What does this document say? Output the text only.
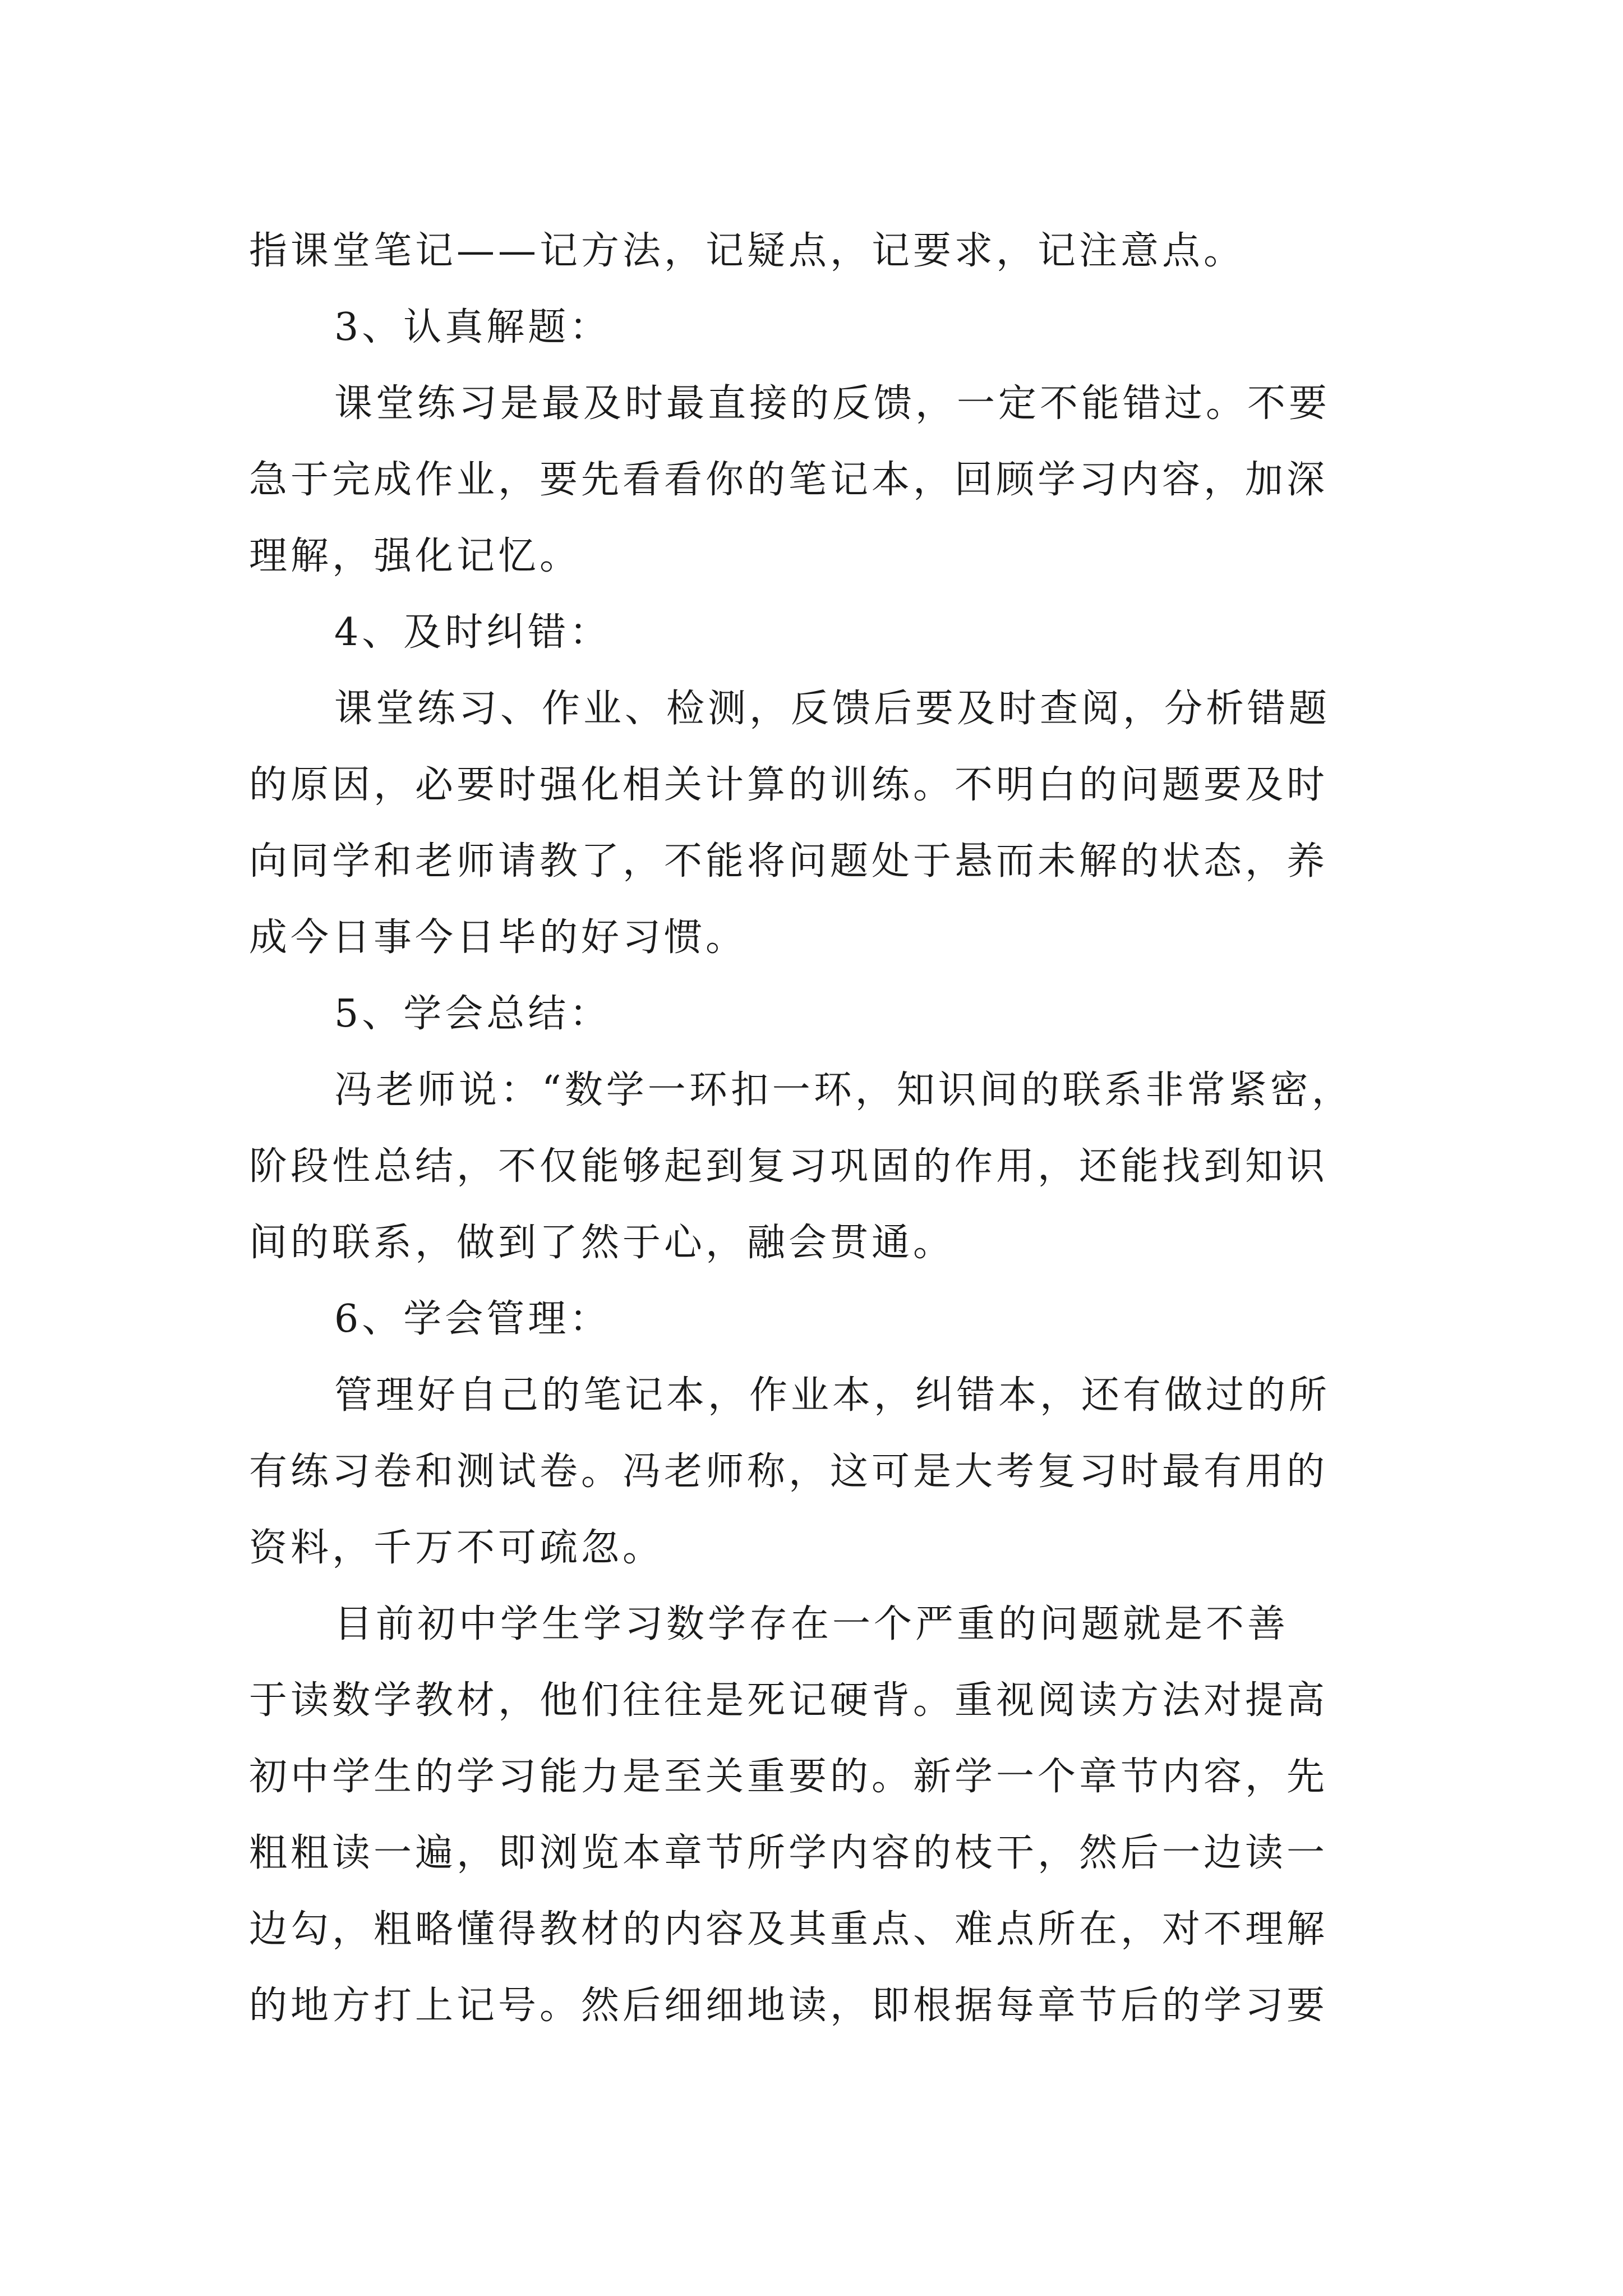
指课堂笔记——记方法，记疑点，记要求，记注意点。
3、认真解题：
课堂练习是最及时最直接的反馈，一定不能错过。不要
急于完成作业，要先看看你的笔记本，回顾学习内容，加深
理解，强化记忆。
4、及时纠错：
课堂练习、作业、检测，反馈后要及时查阅，分析错题
的原因，必要时强化相关计算的训练。不明白的问题要及时
向同学和老师请教了，不能将问题处于悬而未解的状态，养
成今日事今日毕的好习惯。
5、学会总结：
冯老师说：“数学一环扣一环，知识间的联系非常紧密，
阶段性总结，不仅能够起到复习巩固的作用，还能找到知识
间的联系，做到了然于心，融会贯通。
6、学会管理：
管理好自己的笔记本，作业本，纠错本，还有做过的所
有练习卷和测试卷。冯老师称，这可是大考复习时最有用的
资料，千万不可疏忽。
目前初中学生学习数学存在一个严重的问题就是不善
于读数学教材，他们往往是死记硬背。重视阅读方法对提高
初中学生的学习能力是至关重要的。新学一个章节内容，先
粗粗读一遍，即浏览本章节所学内容的枝干，然后一边读一
边勾，粗略懂得教材的内容及其重点、难点所在，对不理解
的地方打上记号。然后细细地读，即根据每章节后的学习要
